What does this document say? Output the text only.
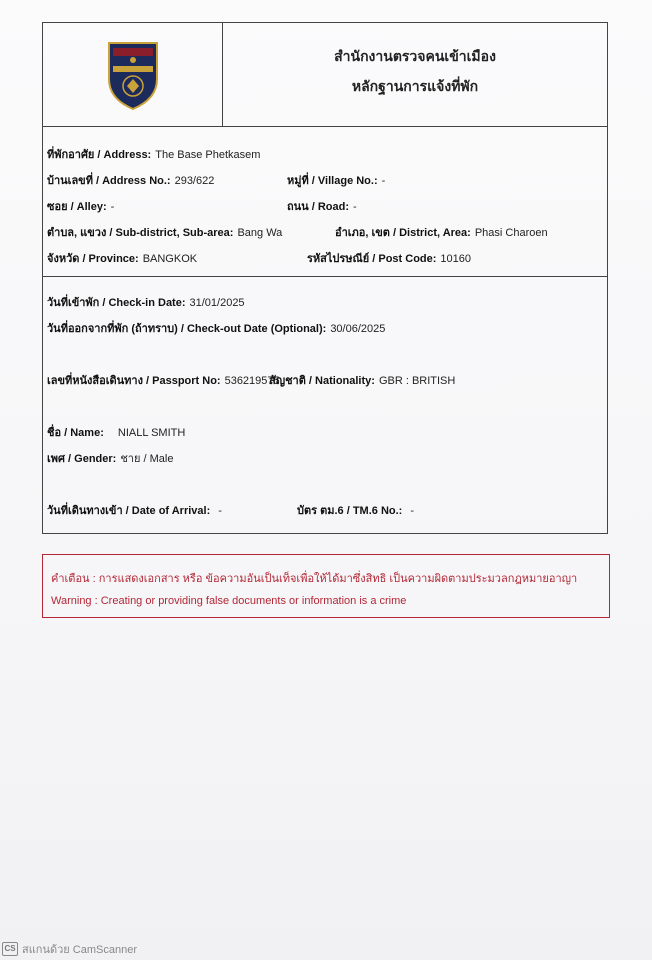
สำนักงานตรวจคนเข้าเมือง
หลักฐานการแจ้งที่พัก
ที่พักอาศัย / Address: The Base Phetkasem
บ้านเลขที่ / Address No.: 293/622	หมู่ที่ / Village No.: -
ซอย / Alley: -	ถนน / Road: -
ตำบล, แขวง / Sub-district, Sub-area: Bang Wa	อำเภอ, เขต / District, Area: Phasi Charoen
จังหวัด / Province: BANGKOK	รหัสไปรษณีย์ / Post Code: 10160
วันที่เข้าพัก / Check-in Date: 31/01/2025
วันที่ออกจากที่พัก (ถ้าทราบ) / Check-out Date (Optional): 30/06/2025
เลขที่หนังสือเดินทาง / Passport No: 536219575
สัญชาติ / Nationality: GBR : BRITISH
ชื่อ / Name: NIALL SMITH
เพศ / Gender: ชาย / Male
วันที่เดินทางเข้า / Date of Arrival: -	บัตร ตม.6 / TM.6 No.: -
คำเตือน : การแสดงเอกสาร หรือ ข้อความอันเป็นเท็จเพื่อให้ได้มาซึ่งสิทธิ เป็นความผิดตามประมวลกฎหมายอาญา
Warning : Creating or providing false documents or information is a crime
CS สแกนด้วย CamScanner
